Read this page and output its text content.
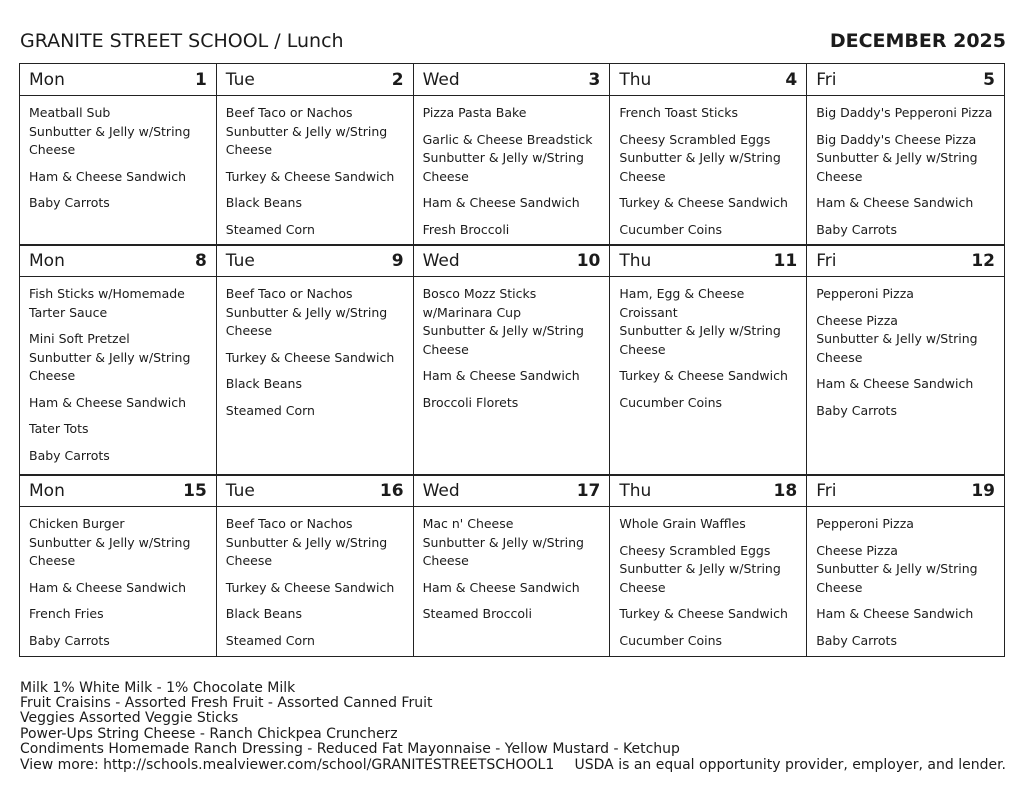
GRANITE STREET SCHOOL / Lunch	DECEMBER 2025
Mon	1
Meatball Sub
Sunbutter & Jelly w/String Cheese
Ham & Cheese Sandwich
Baby Carrots
Tue	2
Beef Taco or Nachos
Sunbutter & Jelly w/String Cheese
Turkey & Cheese Sandwich
Black Beans
Steamed Corn
Wed	3
Pizza Pasta Bake
Garlic & Cheese Breadstick
Sunbutter & Jelly w/String Cheese
Ham & Cheese Sandwich
Fresh Broccoli
Thu	4
French Toast Sticks
Cheesy Scrambled Eggs
Sunbutter & Jelly w/String Cheese
Turkey & Cheese Sandwich
Cucumber Coins
Fri	5
Big Daddy's Pepperoni Pizza
Big Daddy's Cheese Pizza
Sunbutter & Jelly w/String Cheese
Ham & Cheese Sandwich
Baby Carrots
Mon	8
Fish Sticks w/Homemade Tarter Sauce
Mini Soft Pretzel
Sunbutter & Jelly w/String Cheese
Ham & Cheese Sandwich
Tater Tots
Baby Carrots
Tue	9
Beef Taco or Nachos
Sunbutter & Jelly w/String Cheese
Turkey & Cheese Sandwich
Black Beans
Steamed Corn
Wed	10
Bosco Mozz Sticks w/Marinara Cup
Sunbutter & Jelly w/String Cheese
Ham & Cheese Sandwich
Broccoli Florets
Thu	11
Ham, Egg & Cheese Croissant
Sunbutter & Jelly w/String Cheese
Turkey & Cheese Sandwich
Cucumber Coins
Fri	12
Pepperoni Pizza
Cheese Pizza
Sunbutter & Jelly w/String Cheese
Ham & Cheese Sandwich
Baby Carrots
Mon	15
Chicken Burger
Sunbutter & Jelly w/String Cheese
Ham & Cheese Sandwich
French Fries
Baby Carrots
Tue	16
Beef Taco or Nachos
Sunbutter & Jelly w/String Cheese
Turkey & Cheese Sandwich
Black Beans
Steamed Corn
Wed	17
Mac n' Cheese
Sunbutter & Jelly w/String Cheese
Ham & Cheese Sandwich
Steamed Broccoli
Thu	18
Whole Grain Waffles
Cheesy Scrambled Eggs
Sunbutter & Jelly w/String Cheese
Turkey & Cheese Sandwich
Cucumber Coins
Fri	19
Pepperoni Pizza
Cheese Pizza
Sunbutter & Jelly w/String Cheese
Ham & Cheese Sandwich
Baby Carrots
Milk 1% White Milk - 1% Chocolate Milk
Fruit Craisins - Assorted Fresh Fruit - Assorted Canned Fruit
Veggies Assorted Veggie Sticks
Power-Ups String Cheese - Ranch Chickpea Cruncherz
Condiments Homemade Ranch Dressing - Reduced Fat Mayonnaise - Yellow Mustard - Ketchup
View more: http://schools.mealviewer.com/school/GRANITESTREETSCHOOL1 USDA is an equal opportunity provider, employer, and lender.
